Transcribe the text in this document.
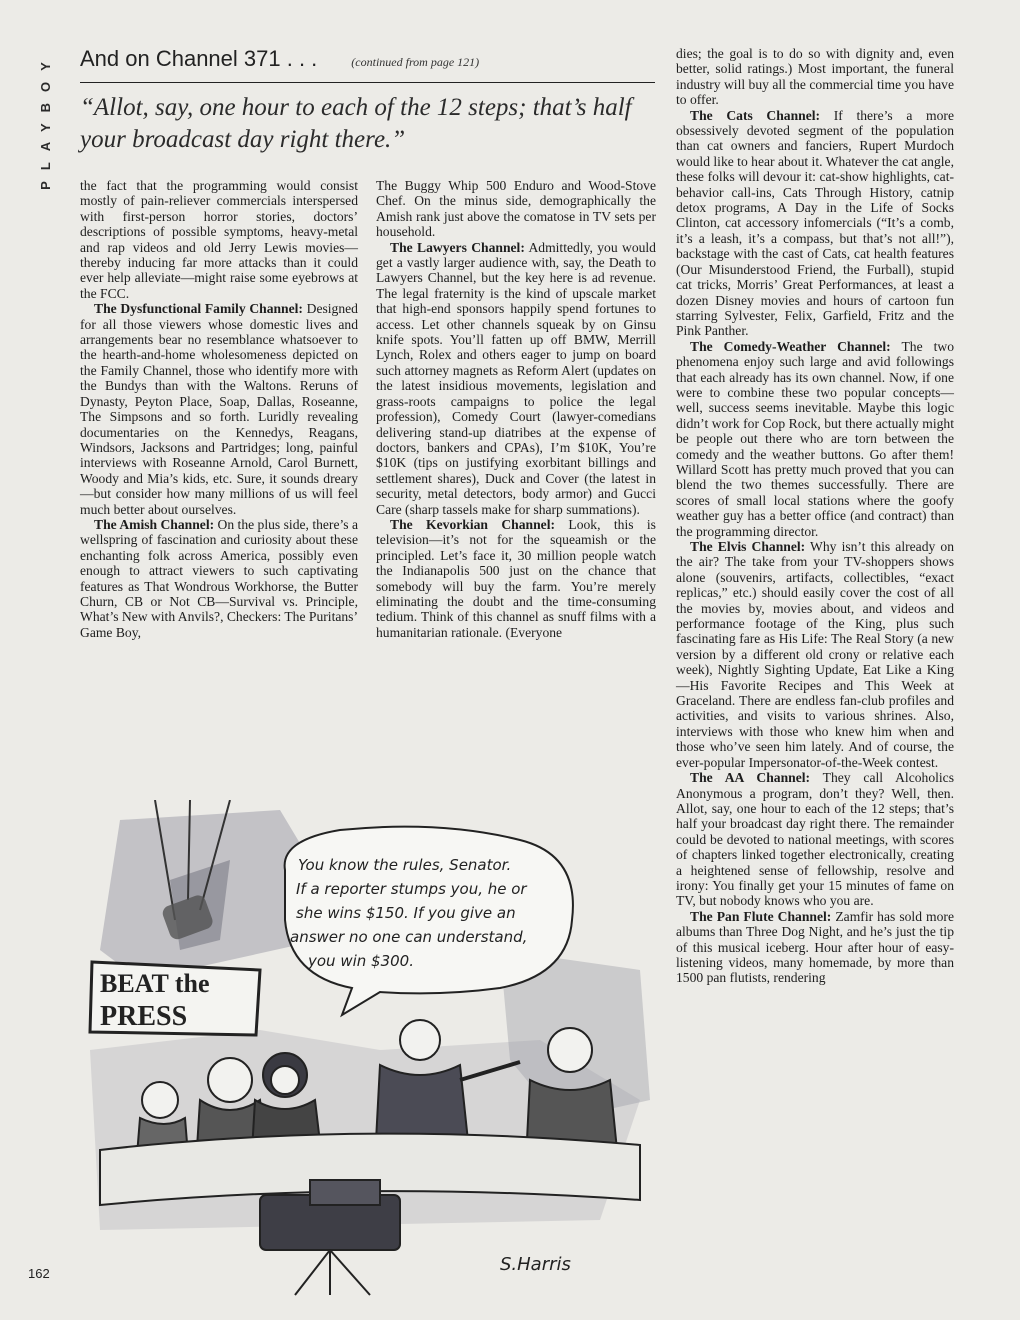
PLAYBOY And on Channel 371 . . .	(continued from page 121)
“Allot, say, one hour to each of the 12 steps; that’s half your broadcast day right there.”

the fact that the programming would consist mostly of pain-reliever commercials interspersed with first-person horror stories, doctors’ descriptions of possible symptoms, heavy-metal and rap videos and old Jerry Lewis movies—thereby inducing far more attacks than it could ever help alleviate—might raise some eyebrows at the FCC.

The Dysfunctional Family Channel: Designed for all those viewers whose domestic lives and arrangements bear no resemblance whatsoever to the hearth-and-home wholesomeness depicted on the Family Channel, those who identify more with the Bundys than with the Waltons. Reruns of Dynasty, Peyton Place, Soap, Dallas, Roseanne, The Simpsons and so forth. Luridly revealing documentaries on the Kennedys, Reagans, Windsors, Jacksons and Partridges; long, painful interviews with Roseanne Arnold, Carol Burnett, Woody and Mia’s kids, etc. Sure, it sounds dreary—but consider how many millions of us will feel much better about ourselves.

The Amish Channel: On the plus side, there’s a wellspring of fascination and curiosity about these enchanting folk across America, possibly even enough to attract viewers to such captivating features as That Wondrous Workhorse, the Butter Churn, CB or Not CB—Survival vs. Principle, What’s New with Anvils?, Checkers: The Puritans’ Game Boy,

The Buggy Whip 500 Enduro and Wood-Stove Chef. On the minus side, demographically the Amish rank just above the comatose in TV sets per household.

The Lawyers Channel: Admittedly, you would get a vastly larger audience with, say, the Death to Lawyers Channel, but the key here is ad revenue. The legal fraternity is the kind of upscale market that high-end sponsors happily spend fortunes to access. Let other channels squeak by on Ginsu knife spots. You’ll fatten up off BMW, Merrill Lynch, Rolex and others eager to jump on board such attorney magnets as Reform Alert (updates on the latest insidious movements, legislation and grass-roots campaigns to police the legal profession), Comedy Court (lawyer-comedians delivering stand-up diatribes at the expense of doctors, bankers and CPAs), I’m $10K, You’re $10K (tips on justifying exorbitant billings and settlement shares), Duck and Cover (the latest in security, metal detectors, body armor) and Gucci Care (sharp tassels make for sharp summations).

The Kevorkian Channel: Look, this is television—it’s not for the squeamish or the principled. Let’s face it, 30 million people watch the Indianapolis 500 just on the chance that somebody will buy the farm. You’re merely eliminating the doubt and the time-consuming tedium. Think of this channel as snuff films with a humanitarian rationale. (Everyone

dies; the goal is to do so with dignity and, even better, solid ratings.) Most important, the funeral industry will buy all the commercial time you have to offer.

The Cats Channel: If there’s a more obsessively devoted segment of the population than cat owners and fanciers, Rupert Murdoch would like to hear about it. Whatever the cat angle, these folks will devour it: cat-show highlights, cat-behavior call-ins, Cats Through History, catnip detox programs, A Day in the Life of Socks Clinton, cat accessory infomercials (“It’s a comb, it’s a leash, it’s a compass, but that’s not all!”), backstage with the cast of Cats, cat health features (Our Misunderstood Friend, the Furball), stupid cat tricks, Morris’ Great Performances, at least a dozen Disney movies and hours of cartoon fun starring Sylvester, Felix, Garfield, Fritz and the Pink Panther.

The Comedy-Weather Channel: The two phenomena enjoy such large and avid followings that each already has its own channel. Now, if one were to combine these two popular concepts—well, success seems inevitable. Maybe this logic didn’t work for Cop Rock, but there actually might be people out there who are torn between the comedy and the weather buttons. Go after them! Willard Scott has pretty much proved that you can blend the two themes successfully. There are scores of small local stations where the goofy weather guy has a better office (and contract) than the programming director.

The Elvis Channel: Why isn’t this already on the air? The take from your TV-shoppers shows alone (souvenirs, artifacts, collectibles, “exact replicas,” etc.) should easily cover the cost of all the movies by, movies about, and videos and performance footage of the King, plus such fascinating fare as His Life: The Real Story (a new version by a different old crony or relative each week), Nightly Sighting Update, Eat Like a King—His Favorite Recipes and This Week at Graceland. There are endless fan-club profiles and activities, and visits to various shrines. Also, interviews with those who knew him when and those who’ve seen him lately. And of course, the ever-popular Impersonator-of-the-Week contest.

The AA Channel: They call Alcoholics Anonymous a program, don’t they? Well, then. Allot, say, one hour to each of the 12 steps; that’s half your broadcast day right there. The remainder could be devoted to national meetings, with scores of chapters linked together electronically, creating a heightened sense of fellowship, resolve and irony: You finally get your 15 minutes of fame on TV, but nobody knows who you are.

The Pan Flute Channel: Zamfir has sold more albums than Three Dog Night, and he’s just the tip of this musical iceberg. Hour after hour of easy-listening videos, many homemade, by more than 1500 pan flutists, rendering

BEAT the
PRESS
You know the rules, Senator.
If a reporter stumps you, he or
she wins $150. If you give an
answer no one can understand,
you win $300.
S.Harris
162
